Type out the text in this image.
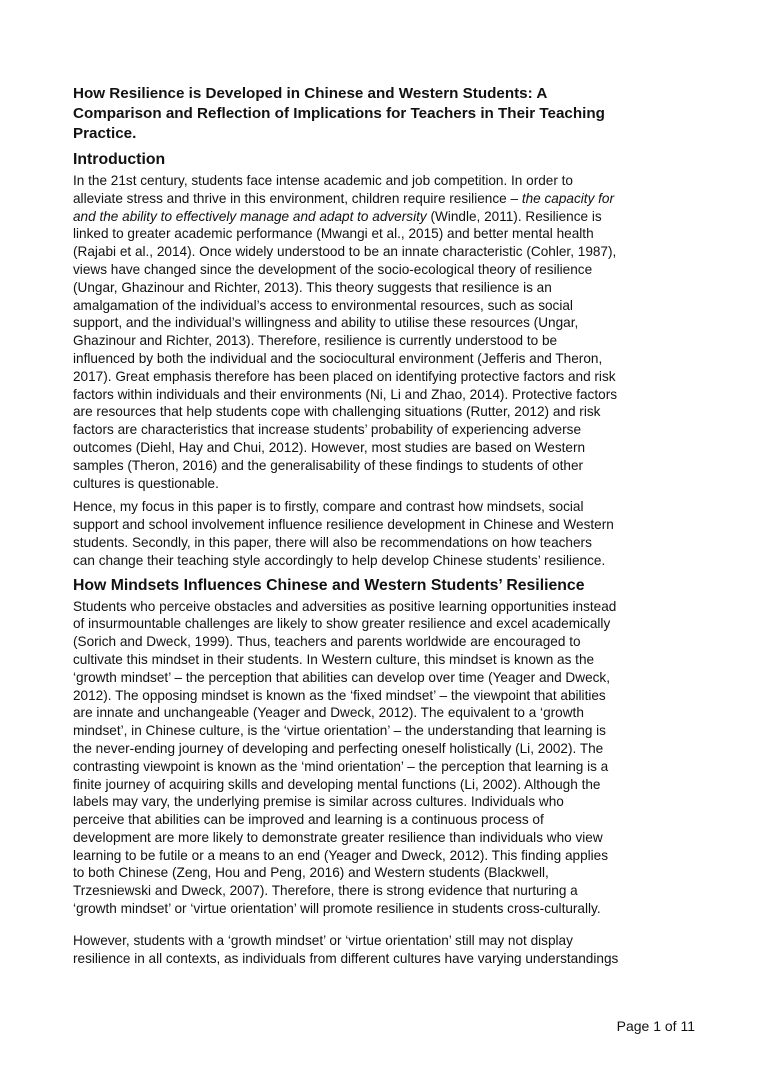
How Resilience is Developed in Chinese and Western Students: A
Comparison and Reflection of Implications for Teachers in Their Teaching
Practice.
Introduction

In the 21st century, students face intense academic and job competition. In order to
alleviate stress and thrive in this environment, children require resilience – the capacity for
and the ability to effectively manage and adapt to adversity (Windle, 2011). Resilience is
linked to greater academic performance (Mwangi et al., 2015) and better mental health
(Rajabi et al., 2014). Once widely understood to be an innate characteristic (Cohler, 1987),
views have changed since the development of the socio-ecological theory of resilience
(Ungar, Ghazinour and Richter, 2013). This theory suggests that resilience is an
amalgamation of the individual’s access to environmental resources, such as social
support, and the individual’s willingness and ability to utilise these resources (Ungar,
Ghazinour and Richter, 2013). Therefore, resilience is currently understood to be
influenced by both the individual and the sociocultural environment (Jefferis and Theron,
2017). Great emphasis therefore has been placed on identifying protective factors and risk
factors within individuals and their environments (Ni, Li and Zhao, 2014). Protective factors
are resources that help students cope with challenging situations (Rutter, 2012) and risk
factors are characteristics that increase students’ probability of experiencing adverse
outcomes (Diehl, Hay and Chui, 2012). However, most studies are based on Western
samples (Theron, 2016) and the generalisability of these findings to students of other
cultures is questionable.

Hence, my focus in this paper is to firstly, compare and contrast how mindsets, social
support and school involvement influence resilience development in Chinese and Western
students. Secondly, in this paper, there will also be recommendations on how teachers
can change their teaching style accordingly to help develop Chinese students’ resilience.

How Mindsets Influences Chinese and Western Students’ Resilience

Students who perceive obstacles and adversities as positive learning opportunities instead
of insurmountable challenges are likely to show greater resilience and excel academically
(Sorich and Dweck, 1999). Thus, teachers and parents worldwide are encouraged to
cultivate this mindset in their students. In Western culture, this mindset is known as the
‘growth mindset’ – the perception that abilities can develop over time (Yeager and Dweck,
2012). The opposing mindset is known as the ‘fixed mindset’ – the viewpoint that abilities
are innate and unchangeable (Yeager and Dweck, 2012). The equivalent to a ‘growth
mindset’, in Chinese culture, is the ‘virtue orientation’ – the understanding that learning is
the never-ending journey of developing and perfecting oneself holistically (Li, 2002). The
contrasting viewpoint is known as the ‘mind orientation’ – the perception that learning is a
finite journey of acquiring skills and developing mental functions (Li, 2002). Although the
labels may vary, the underlying premise is similar across cultures. Individuals who
perceive that abilities can be improved and learning is a continuous process of
development are more likely to demonstrate greater resilience than individuals who view
learning to be futile or a means to an end (Yeager and Dweck, 2012). This finding applies
to both Chinese (Zeng, Hou and Peng, 2016) and Western students (Blackwell,
Trzesniewski and Dweck, 2007). Therefore, there is strong evidence that nurturing a
‘growth mindset’ or ‘virtue orientation’ will promote resilience in students cross-culturally.

However, students with a ‘growth mindset’ or ‘virtue orientation’ still may not display
resilience in all contexts, as individuals from different cultures have varying understandings

Page 1 of 11
